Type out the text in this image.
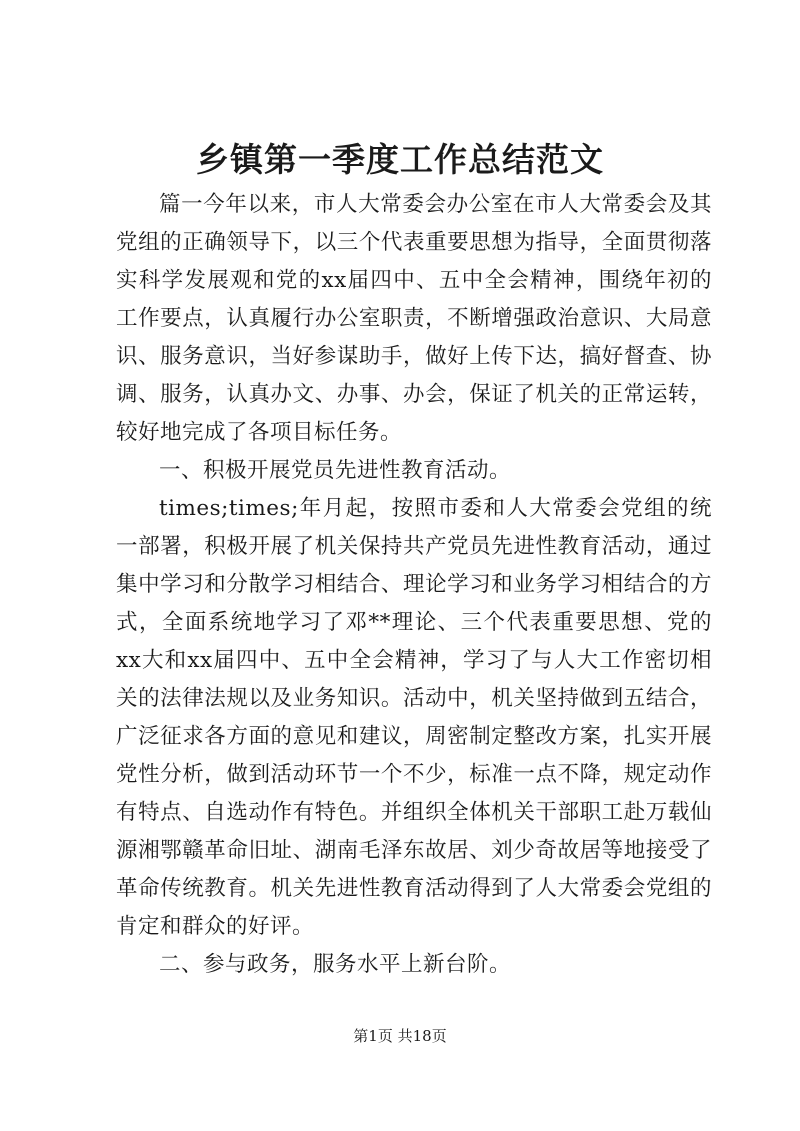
乡镇第一季度工作总结范文

篇一今年以来，市人大常委会办公室在市人大常委会及其党组的正确领导下，以三个代表重要思想为指导，全面贯彻落实科学发展观和党的xx届四中、五中全会精神，围绕年初的工作要点，认真履行办公室职责，不断增强政治意识、大局意识、服务意识，当好参谋助手，做好上传下达，搞好督查、协调、服务，认真办文、办事、办会，保证了机关的正常运转，较好地完成了各项目标任务。

一、积极开展党员先进性教育活动。

times;times;年月起，按照市委和人大常委会党组的统一部署，积极开展了机关保持共产党员先进性教育活动，通过集中学习和分散学习相结合、理论学习和业务学习相结合的方式，全面系统地学习了邓**理论、三个代表重要思想、党的xx大和xx届四中、五中全会精神，学习了与人大工作密切相关的法律法规以及业务知识。活动中，机关坚持做到五结合，广泛征求各方面的意见和建议，周密制定整改方案，扎实开展党性分析，做到活动环节一个不少，标准一点不降，规定动作有特点、自选动作有特色。并组织全体机关干部职工赴万载仙源湘鄂赣革命旧址、湖南毛泽东故居、刘少奇故居等地接受了革命传统教育。机关先进性教育活动得到了人大常委会党组的肯定和群众的好评。

二、参与政务，服务水平上新台阶。

第1页 共18页
